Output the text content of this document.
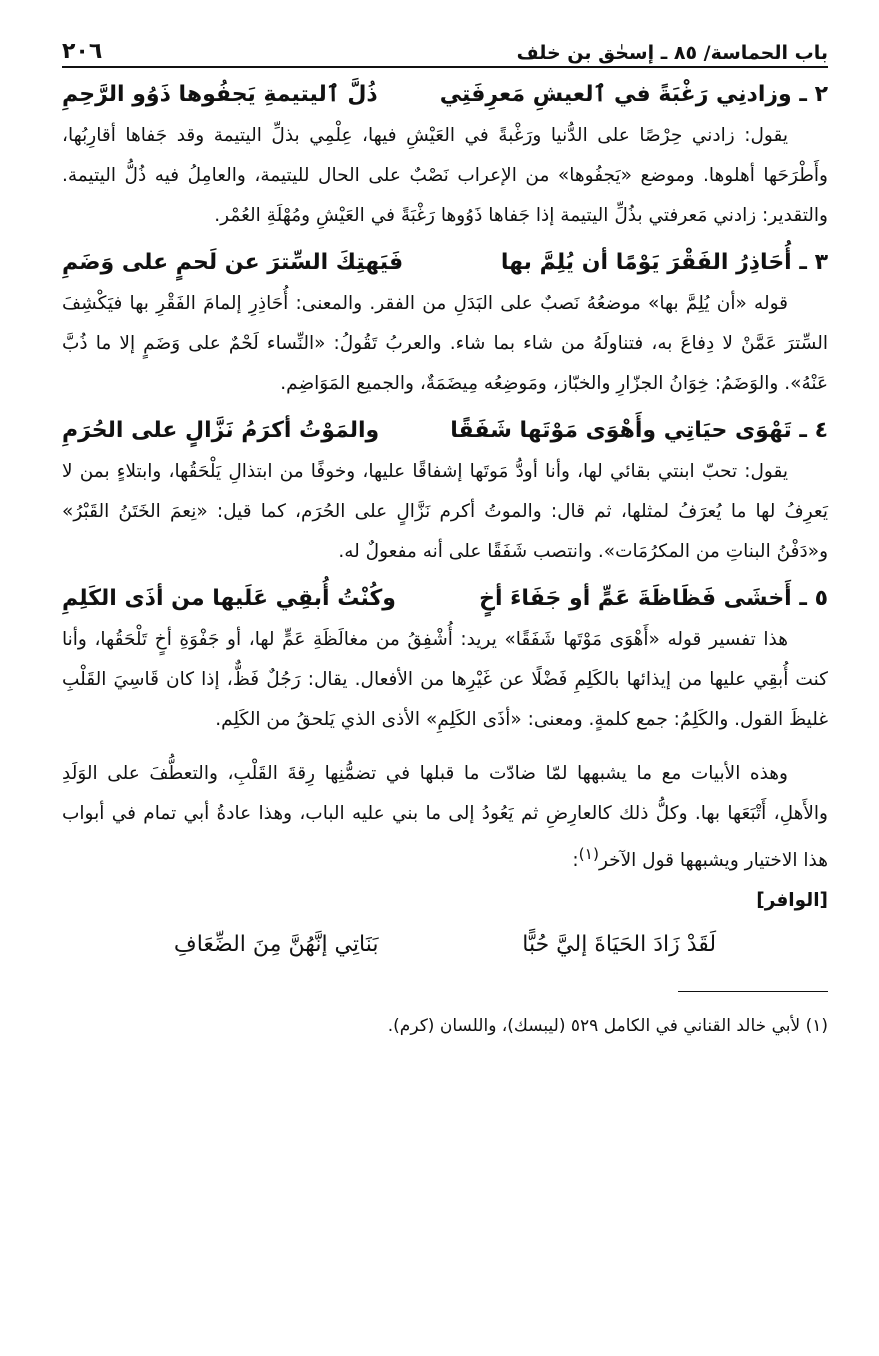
باب الحماسة/ ٨٥ ـ إسحٰق بن خلف
٢٠٦
٢ ـ وزادنِي رَغْبَةً في ٱلعيشِ مَعرِفَتِي
ذُلَّ ٱليتيمةِ يَجفُوها ذَوُو الرَّحِمِ

يقول: زادني حِرْصًا على الدُّنيا ورَغْبةً في العَيْشِ فيها، عِلْمِي بذلِّ اليتيمة وقد جَفاها أقارِبُها، وأَطْرَحَها أهلوها. وموضع «يَجفُوها» من الإعراب نَصْبٌ على الحال لليتيمة، والعامِلُ فيه ذُلُّ اليتيمة. والتقدير: زادني مَعرفتي بذُلِّ اليتيمة إذا جَفاها ذَوُوها رَغْبَةً في العَيْشِ ومُهْلَةِ العُمْر.

٣ ـ أُحَاذِرُ الفَقْرَ يَوْمًا أن يُلِمَّ بها
فَيَهتِكَ السِّترَ عن لَحمٍ على وَضَمِ

قوله «أن يُلِمَّ بها» موضعُهُ نَصبٌ على البَدَلِ من الفقر. والمعنى: أُحَاذِرِ إلمامَ الفَقْرِ بها فيَكْشِفَ السِّترَ عَمَّنْ لا دِفاعَ به، فتناولَهُ من شاء بما شاء. والعربُ تَقُولُ: «النِّساء لَحْمٌ على وَضَمٍ إلا ما ذُبَّ عَنْهُ». والوَضَمُ: خِوَانُ الجزّارِ والخبّاز، ومَوضِعُه مِيضَمَةٌ، والجميع المَوَاضِم.

٤ ـ تَهْوَى حيَاتِي وأَهْوَى مَوْتَها شَفَقًا
والمَوْتُ أكرَمُ نَزَّالٍ على الحُرَمِ

يقول: تحبّ ابنتي بقائي لها، وأنا أودُّ مَوتَها إشفاقًا عليها، وخوفًا من ابتذالِ يَلْحَقُها، وابتلاءٍ بمن لا يَعرِفُ لها ما يُعرَفُ لمثلها، ثم قال: والموتُ أكرم نَزَّالٍ على الحُرَم، كما قيل: «نِعمَ الخَتَنُ القَبْرُ» و«دَفْنُ البناتِ من المكرُمَات». وانتصب شَفَقًا على أنه مفعولٌ له.

٥ ـ أَخشَى فَظَاظَةَ عَمٍّ أو جَفَاءَ أخٍ
وكُنْتُ أُبقِي عَلَيها من أذَى الكَلِمِ

هذا تفسير قوله «أَهْوَى مَوْتَها شَفَقًا» يريد: أُشْفِقُ من مغالَظَةِ عَمٍّ لها، أو جَفْوَةِ أخٍ تَلْحَقُها، وأنا كنت أُبقِي عليها من إيذائها بالكَلِمِ فَضْلًا عن غَيْرِها من الأفعال. يقال: رَجُلٌ فَظٌّ، إذا كان قَاسِيَ القَلْبِ غليظَ القول. والكَلِمُ: جمع كلمةٍ. ومعنى: «أذَى الكَلِمِ» الأذى الذي يَلحقُ من الكَلِم.

وهذه الأبيات مع ما يشبهها لمّا ضادّت ما قبلها في تضمُّنِها رِقةَ القَلْبِ، والتعطُّفَ على الوَلَدِ والأَهلِ، أَتْبَعَها بها. وكلُّ ذلك كالعارِضِ ثم يَعُودُ إلى ما بني عليه الباب، وهذا عادةُ أبي تمام في أبواب هذا الاختيار ويشبهها قول الآخر$^{(١)}$:

[الوافر]
لَقَدْ زَادَ الحَيَاةَ إليَّ حُبًّا
بَنَاتِي إنَّهُنَّ مِنَ الضِّعَافِ
(١) لأبي خالد القناني في الكامل ٥٢٩ (ليبسك)، واللسان (كرم).
